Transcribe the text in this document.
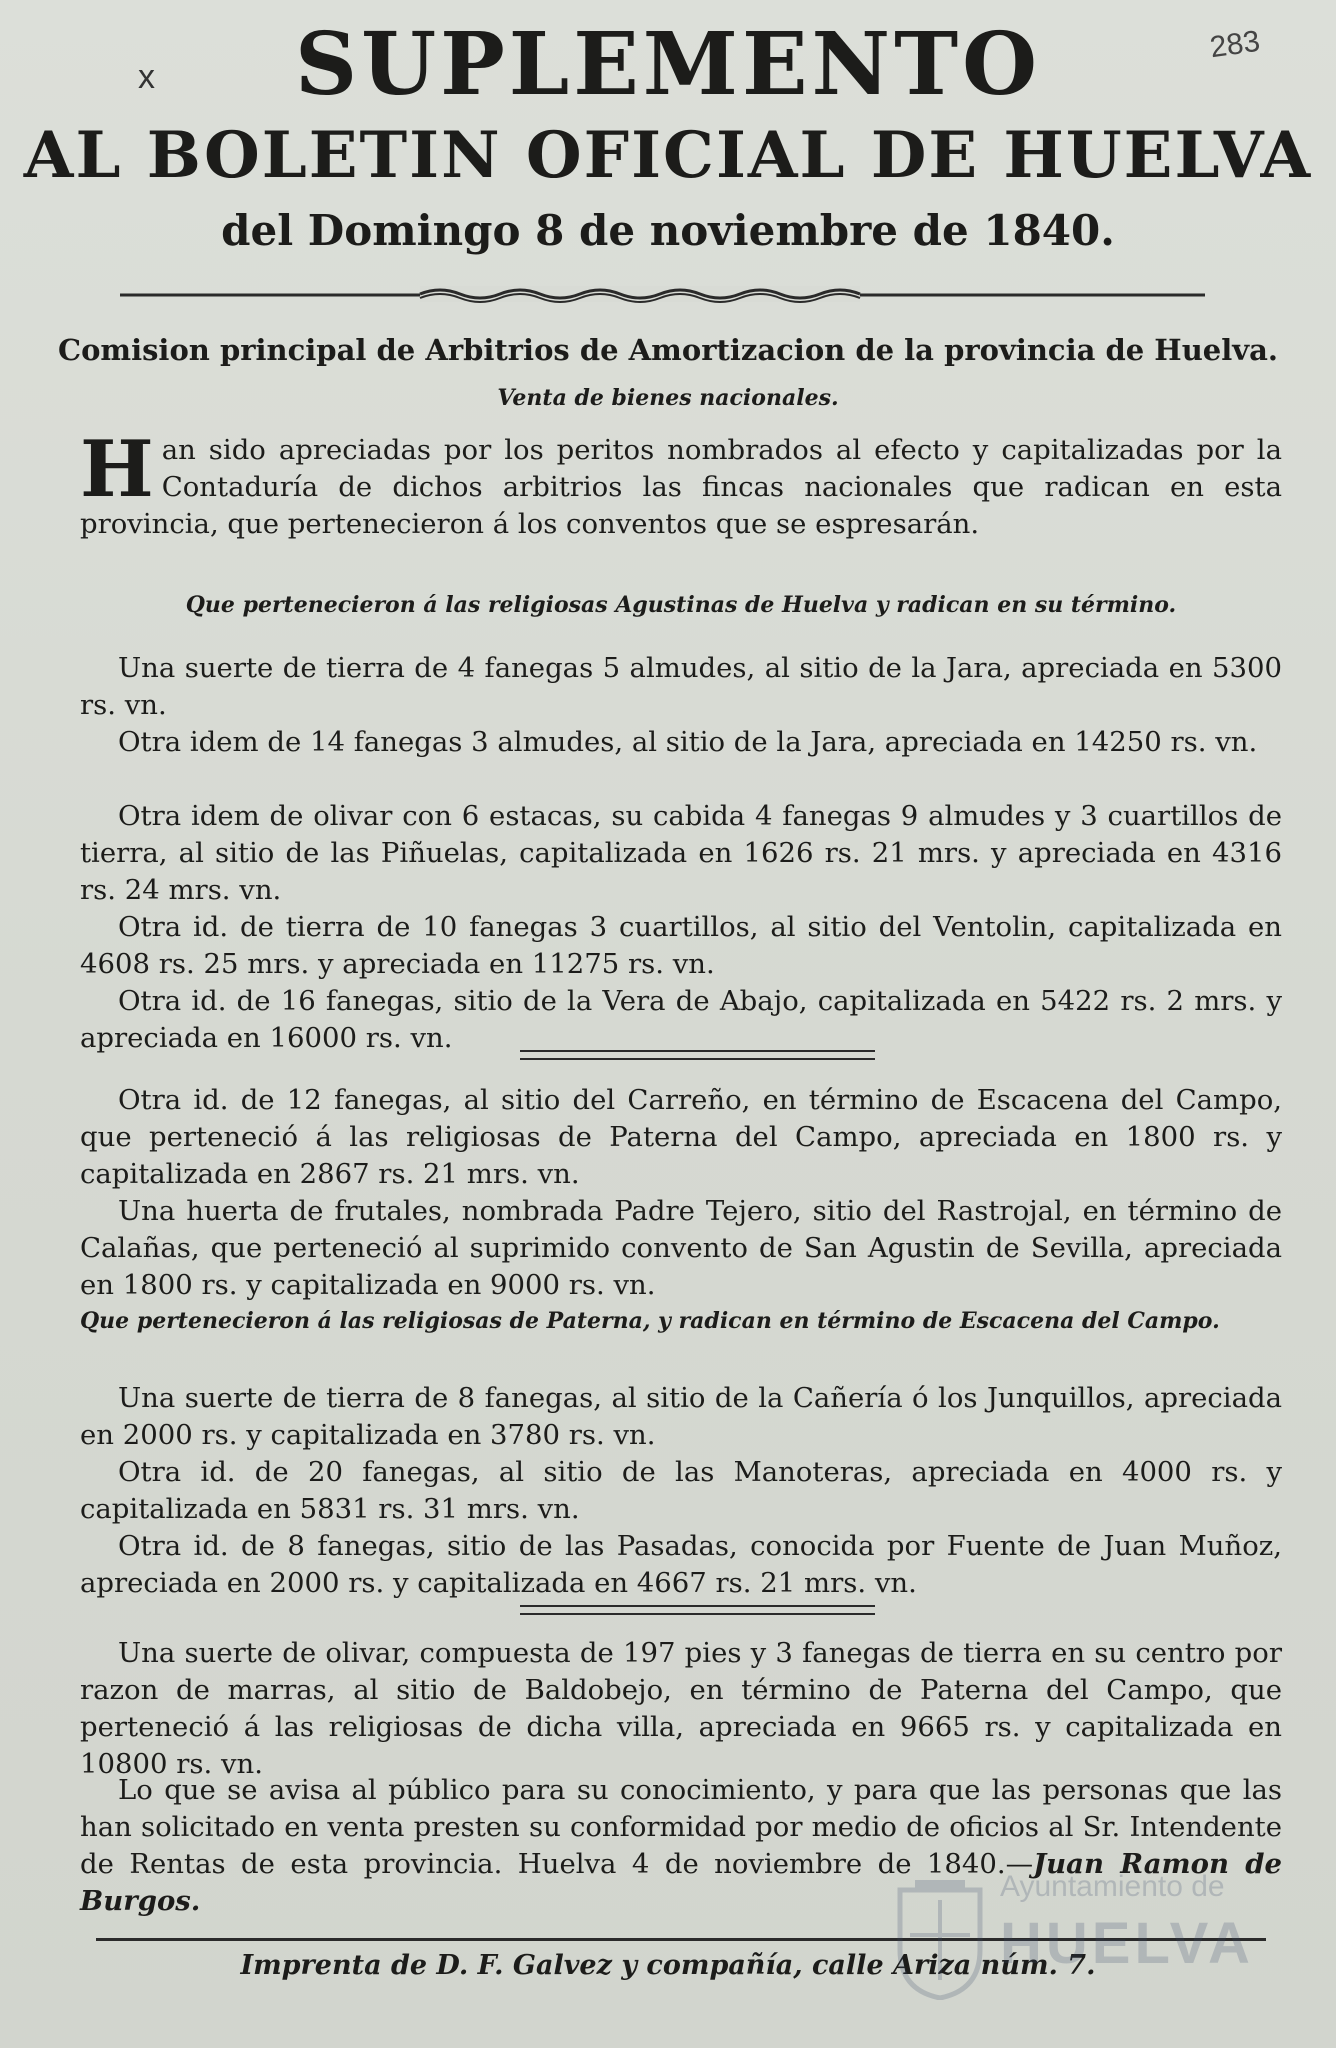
x
283
SUPLEMENTO
AL BOLETIN OFICIAL DE HUELVA
del Domingo 8 de noviembre de 1840.
Comision principal de Arbitrios de Amortizacion de la provincia de Huelva.
Venta de bienes nacionales.
Han sido apreciadas por los peritos nombrados al efecto y capitalizadas por la Contaduría de dichos arbitrios las fincas nacionales que radican en esta provincia, que pertenecieron á los conventos que se espresarán.
Que pertenecieron á las religiosas Agustinas de Huelva y radican en su término.
Una suerte de tierra de 4 fanegas 5 almudes, al sitio de la Jara, apreciada en 5300 rs. vn.
Otra idem de 14 fanegas 3 almudes, al sitio de la Jara, apreciada en 14250 rs. vn.
Otra idem de olivar con 6 estacas, su cabida 4 fanegas 9 almudes y 3 cuartillos de tierra, al sitio de las Piñuelas, capitalizada en 1626 rs. 21 mrs. y apreciada en 4316 rs. 24 mrs. vn.
Otra id. de tierra de 10 fanegas 3 cuartillos, al sitio del Ventolin, capitalizada en 4608 rs. 25 mrs. y apreciada en 11275 rs. vn.
Otra id. de 16 fanegas, sitio de la Vera de Abajo, capitalizada en 5422 rs. 2 mrs. y apreciada en 16000 rs. vn.
Otra id. de 12 fanegas, al sitio del Carreño, en término de Escacena del Campo, que perteneció á las religiosas de Paterna del Campo, apreciada en 1800 rs. y capitalizada en 2867 rs. 21 mrs. vn.
Una huerta de frutales, nombrada Padre Tejero, sitio del Rastrojal, en término de Calañas, que perteneció al suprimido convento de San Agustin de Sevilla, apreciada en 1800 rs. y capitalizada en 9000 rs. vn.
Que pertenecieron á las religiosas de Paterna, y radican en término de Escacena del Campo.
Una suerte de tierra de 8 fanegas, al sitio de la Cañería ó los Junquillos, apreciada en 2000 rs. y capitalizada en 3780 rs. vn.
Otra id. de 20 fanegas, al sitio de las Manoteras, apreciada en 4000 rs. y capitalizada en 5831 rs. 31 mrs. vn.
Otra id. de 8 fanegas, sitio de las Pasadas, conocida por Fuente de Juan Muñoz, apreciada en 2000 rs. y capitalizada en 4667 rs. 21 mrs. vn.
Una suerte de olivar, compuesta de 197 pies y 3 fanegas de tierra en su centro por razon de marras, al sitio de Baldobejo, en término de Paterna del Campo, que perteneció á las religiosas de dicha villa, apreciada en 9665 rs. y capitalizada en 10800 rs. vn.
Lo que se avisa al público para su conocimiento, y para que las personas que las han solicitado en venta presten su conformidad por medio de oficios al Sr. Intendente de Rentas de esta provincia. Huelva 4 de noviembre de 1840.—Juan Ramon de Burgos.
Imprenta de D. F. Galvez y compañía, calle Ariza núm. 7.
Ayuntamiento de
HUELVA
